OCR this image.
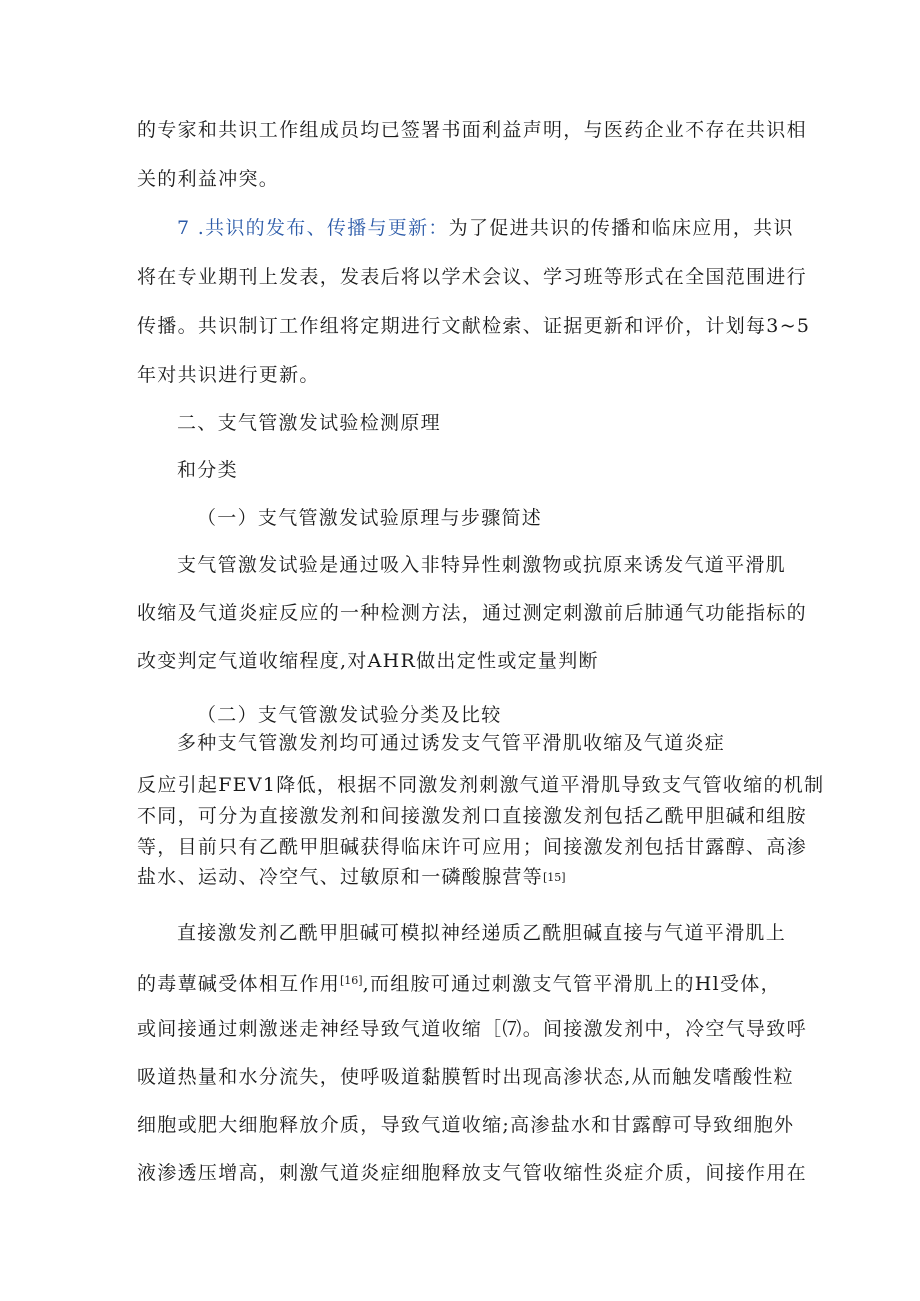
的专家和共识工作组成员均已签署书面利益声明，与医药企业不存在共识相
关的利益冲突。
7 .共识的发布、传播与更新：为了促进共识的传播和临床应用，共识
将在专业期刊上发表，发表后将以学术会议、学习班等形式在全国范围进行
传播。共识制订工作组将定期进行文献检索、证据更新和评价，计划每3~5
年对共识进行更新。
二、支气管激发试验检测原理
和分类
（一）支气管激发试验原理与步骤简述
支气管激发试验是通过吸入非特异性刺激物或抗原来诱发气道平滑肌
收缩及气道炎症反应的一种检测方法，通过测定刺激前后肺通气功能指标的
改变判定气道收缩程度,对AHR做出定性或定量判断
（二）支气管激发试验分类及比较
多种支气管激发剂均可通过诱发支气管平滑肌收缩及气道炎症
反应引起FEV1降低，根据不同激发剂刺激气道平滑肌导致支气管收缩的机制
不同，可分为直接激发剂和间接激发剂口直接激发剂包括乙酰甲胆碱和组胺
等，目前只有乙酰甲胆碱获得临床许可应用；间接激发剂包括甘露醇、高渗
盐水、运动、冷空气、过敏原和一磷酸腺营等[15]
直接激发剂乙酰甲胆碱可模拟神经递质乙酰胆碱直接与气道平滑肌上
的毒蕈碱受体相互作用[16],而组胺可通过刺激支气管平滑肌上的Hl受体，
或间接通过刺激迷走神经导致气道收缩［⑺。间接激发剂中，冷空气导致呼
吸道热量和水分流失，使呼吸道黏膜暂时出现高渗状态,从而触发嗜酸性粒
细胞或肥大细胞释放介质，导致气道收缩;高渗盐水和甘露醇可导致细胞外
液渗透压增高，刺激气道炎症细胞释放支气管收缩性炎症介质，间接作用在
